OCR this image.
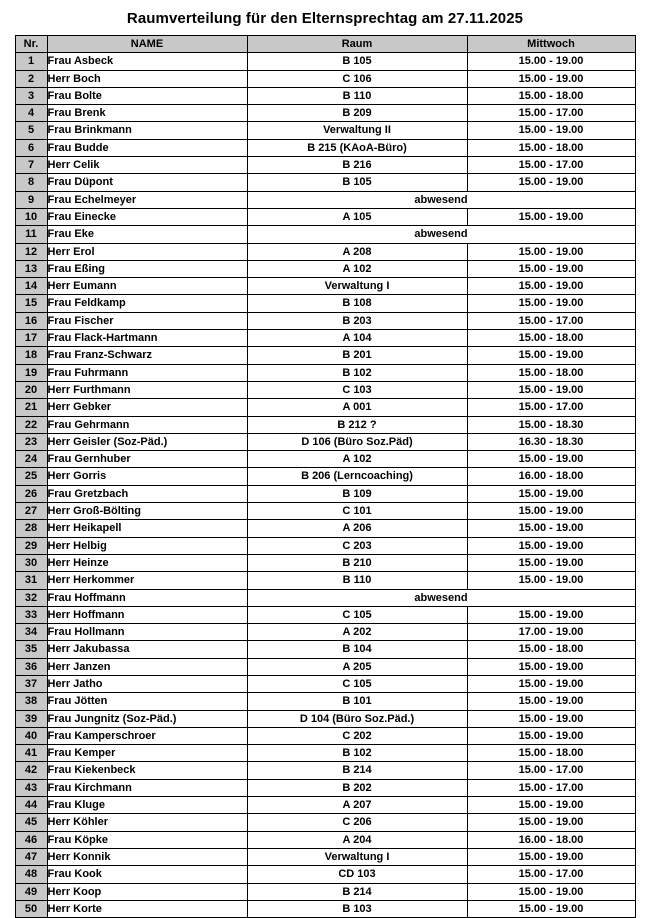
Raumverteilung für den Elternsprechtag am 27.11.2025
Nr.	NAME	Raum	Mittwoch
1	Frau Asbeck	B 105	15.00 - 19.00
2	Herr Boch	C 106	15.00 - 19.00
3	Frau Bolte	B 110	15.00 - 18.00
4	Frau Brenk	B 209	15.00 - 17.00
5	Frau Brinkmann	Verwaltung II	15.00 - 19.00
6	Frau Budde	B 215 (KAoA-Büro)	15.00 - 18.00
7	Herr Celik	B 216	15.00 - 17.00
8	Frau Düpont	B 105	15.00 - 19.00
9	Frau Echelmeyer	abwesend	
10	Frau Einecke	A 105	15.00 - 19.00
11	Frau Eke	abwesend	
12	Herr Erol	A 208	15.00 - 19.00
13	Frau Eßing	A 102	15.00 - 19.00
14	Herr Eumann	Verwaltung I	15.00 - 19.00
15	Frau Feldkamp	B 108	15.00 - 19.00
16	Frau Fischer	B 203	15.00 - 17.00
17	Frau Flack-Hartmann	A 104	15.00 - 18.00
18	Frau Franz-Schwarz	B 201	15.00 - 19.00
19	Frau Fuhrmann	B 102	15.00 - 18.00
20	Herr Furthmann	C 103	15.00 - 19.00
21	Herr Gebker	A 001	15.00 - 17.00
22	Frau Gehrmann	B 212 ?	15.00 - 18.30
23	Herr Geisler (Soz-Päd.)	D 106 (Büro Soz.Päd)	16.30 - 18.30
24	Frau Gernhuber	A 102	15.00 - 19.00
25	Herr Gorris	B 206 (Lerncoaching)	16.00 - 18.00
26	Frau Gretzbach	B 109	15.00 - 19.00
27	Herr Groß-Bölting	C 101	15.00 - 19.00
28	Herr Heikapell	A 206	15.00 - 19.00
29	Herr Helbig	C 203	15.00 - 19.00
30	Herr Heinze	B 210	15.00 - 19.00
31	Herr Herkommer	B 110	15.00 - 19.00
32	Frau Hoffmann	abwesend	
33	Herr Hoffmann	C 105	15.00 - 19.00
34	Frau Hollmann	A 202	17.00 - 19.00
35	Herr Jakubassa	B 104	15.00 - 18.00
36	Herr Janzen	A 205	15.00 - 19.00
37	Herr Jatho	C 105	15.00 - 19.00
38	Frau Jötten	B 101	15.00 - 19.00
39	Frau Jungnitz (Soz-Päd.)	D 104 (Büro Soz.Päd.)	15.00 - 19.00
40	Frau Kamperschroer	C 202	15.00 - 19.00
41	Frau Kemper	B 102	15.00 - 18.00
42	Frau Kiekenbeck	B 214	15.00 - 17.00
43	Frau Kirchmann	B 202	15.00 - 17.00
44	Frau Kluge	A 207	15.00 - 19.00
45	Herr Köhler	C 206	15.00 - 19.00
46	Frau Köpke	A 204	16.00 - 18.00
47	Herr Konnik	Verwaltung I	15.00 - 19.00
48	Frau Kook	CD 103	15.00 - 17.00
49	Herr Koop	B 214	15.00 - 19.00
50	Herr Korte	B 103	15.00 - 19.00
